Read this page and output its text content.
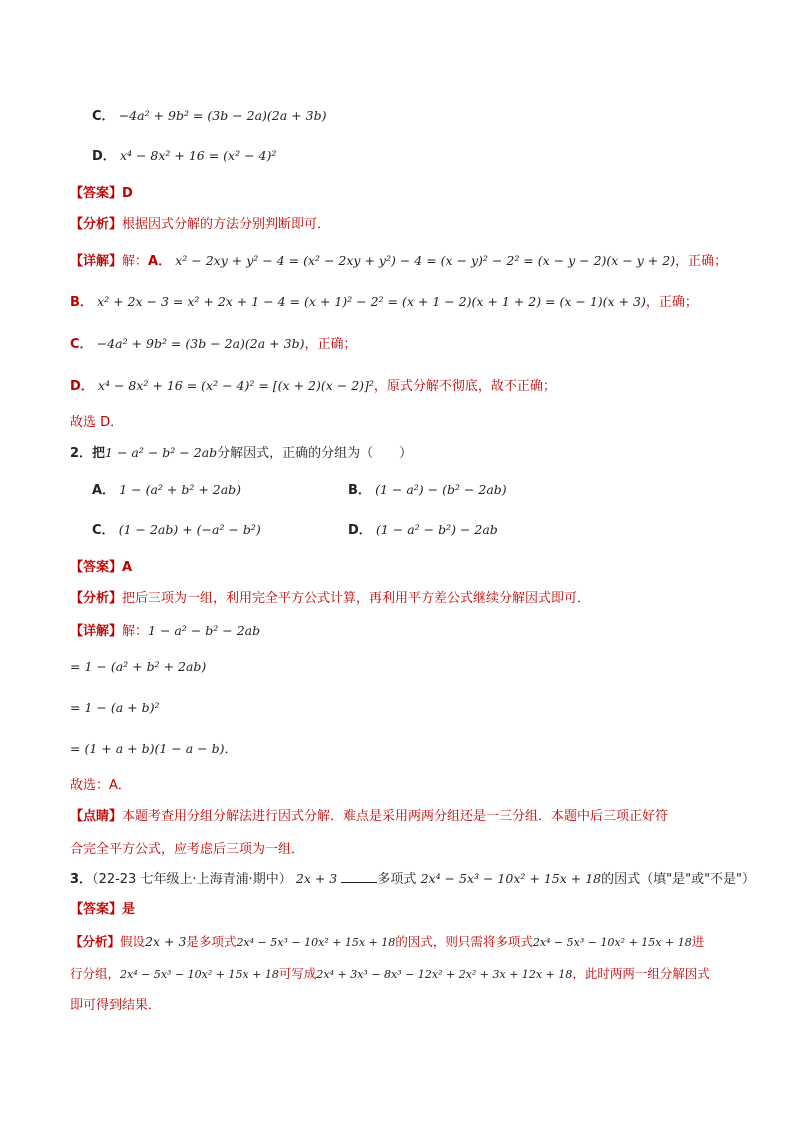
C． −4a² + 9b² = (3b − 2a)(2a + 3b)
D． x⁴ − 8x² + 16 = (x² − 4)²
【答案】D
【分析】根据因式分解的方法分别判断即可．
【详解】解：A． x² − 2xy + y² − 4 = (x² − 2xy + y²) − 4 = (x − y)² − 2² = (x − y − 2)(x − y + 2)，正确；
B． x² + 2x − 3 = x² + 2x + 1 − 4 = (x + 1)² − 2² = (x + 1 − 2)(x + 1 + 2) = (x − 1)(x + 3)，正确；
C． −4a² + 9b² = (3b − 2a)(2a + 3b)，正确；
D． x⁴ − 8x² + 16 = (x² − 4)² = [(x + 2)(x − 2)]²，原式分解不彻底，故不正确；
故选 D．
2．把1 − a² − b² − 2ab分解因式，正确的分组为（　　）
A． 1 − (a² + b² + 2ab)	B． (1 − a²) − (b² − 2ab)
C． (1 − 2ab) + (−a² − b²)	D． (1 − a² − b²) − 2ab
【答案】A
【分析】把后三项为一组，利用完全平方公式计算，再利用平方差公式继续分解因式即可．
【详解】解：1 − a² − b² − 2ab
= 1 − (a² + b² + 2ab)
= 1 − (a + b)²
= (1 + a + b)(1 − a − b)．
故选：A．
【点睛】本题考查用分组分解法进行因式分解．难点是采用两两分组还是一三分组．本题中后三项正好符
合完全平方公式，应考虑后三项为一组．
3．（22-23 七年级上·上海青浦·期中） 2x + 3	多项式 2x⁴ − 5x³ − 10x² + 15x + 18的因式（填"是"或"不是"）
【答案】是
【分析】假设2x + 3是多项式2x⁴ − 5x³ − 10x² + 15x + 18的因式，则只需将多项式2x⁴ − 5x³ − 10x² + 15x + 18进
行分组，2x⁴ − 5x³ − 10x² + 15x + 18可写成2x⁴ + 3x³ − 8x³ − 12x² + 2x² + 3x + 12x + 18，此时两两一组分解因式
即可得到结果．
